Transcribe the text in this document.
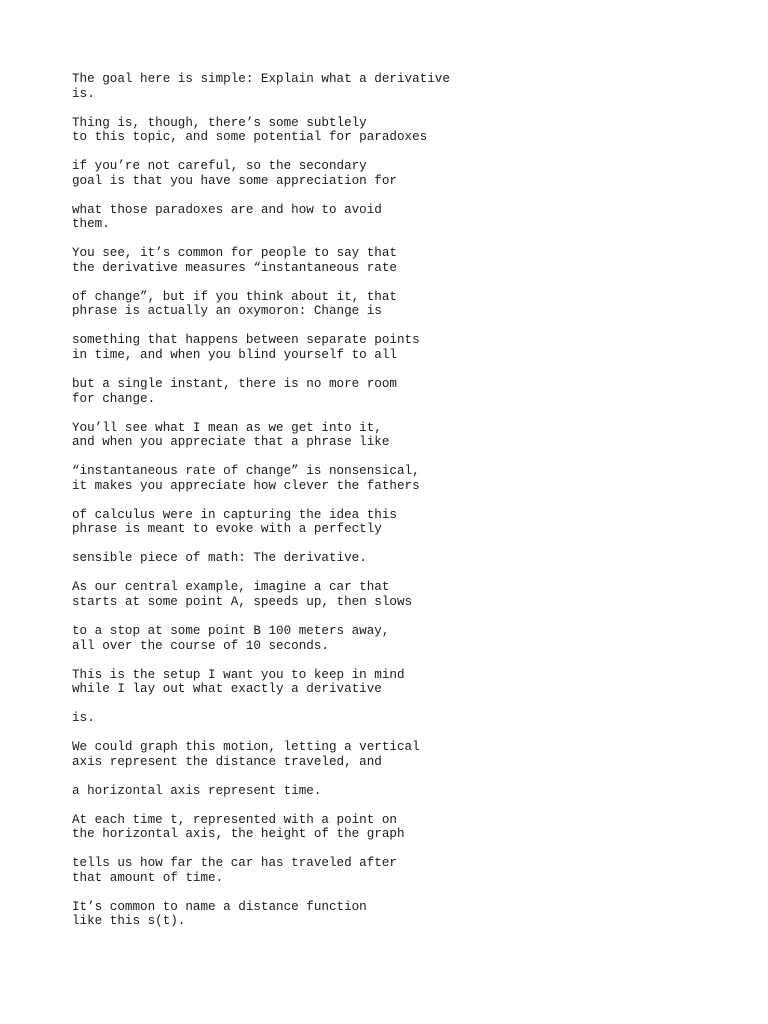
The goal here is simple: Explain what a derivative
is.

Thing is, though, there’s some subtlely
to this topic, and some potential for paradoxes

if you’re not careful, so the secondary
goal is that you have some appreciation for

what those paradoxes are and how to avoid
them.

You see, it’s common for people to say that
the derivative measures “instantaneous rate

of change”, but if you think about it, that
phrase is actually an oxymoron: Change is

something that happens between separate points
in time, and when you blind yourself to all

but a single instant, there is no more room
for change.

You’ll see what I mean as we get into it,
and when you appreciate that a phrase like

“instantaneous rate of change” is nonsensical,
it makes you appreciate how clever the fathers

of calculus were in capturing the idea this
phrase is meant to evoke with a perfectly

sensible piece of math: The derivative.

As our central example, imagine a car that
starts at some point A, speeds up, then slows

to a stop at some point B 100 meters away,
all over the course of 10 seconds.

This is the setup I want you to keep in mind
while I lay out what exactly a derivative

is.

We could graph this motion, letting a vertical
axis represent the distance traveled, and

a horizontal axis represent time.

At each time t, represented with a point on
the horizontal axis, the height of the graph

tells us how far the car has traveled after
that amount of time.

It’s common to name a distance function
like this s(t).
